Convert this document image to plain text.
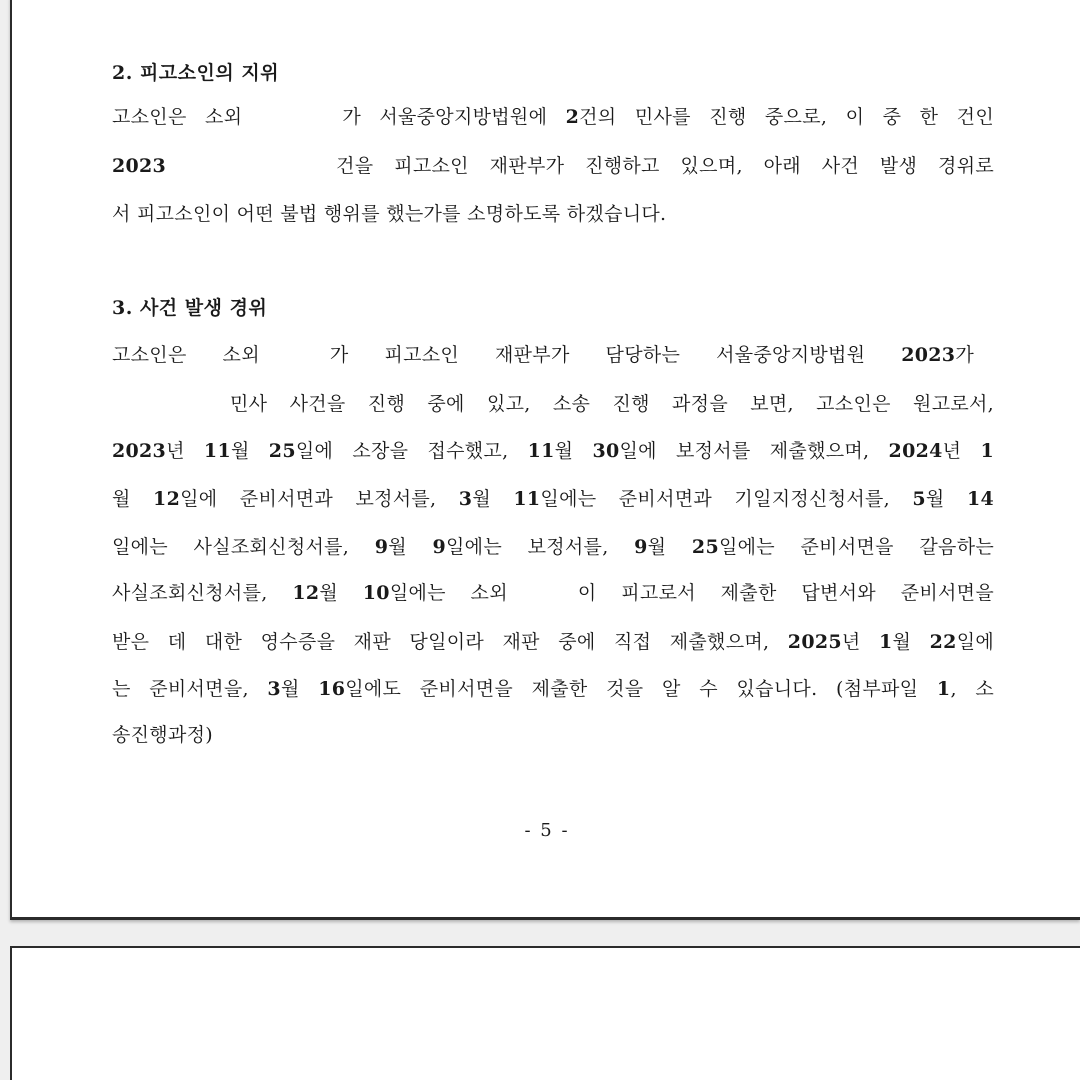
2. 피고소인의 지위
고소인은 소외	가 서울중앙지방법원에 2건의 민사를 진행 중으로, 이 중 한 건인
2023	건을 피고소인 재판부가 진행하고 있으며, 아래 사건 발생 경위로
서 피고소인이 어떤 불법 행위를 했는가를 소명하도록 하겠습니다.
3. 사건 발생 경위
고소인은 소외	가 피고소인 재판부가 담당하는 서울중앙지방법원 2023가
민사 사건을 진행 중에 있고, 소송 진행 과정을 보면, 고소인은 원고로서,
2023년 11월 25일에 소장을 접수했고, 11월 30일에 보정서를 제출했으며, 2024년 1
월 12일에 준비서면과 보정서를, 3월 11일에는 준비서면과 기일지정신청서를, 5월 14
일에는 사실조회신청서를, 9월 9일에는 보정서를, 9월 25일에는 준비서면을 갈음하는
사실조회신청서를, 12월 10일에는 소외	이 피고로서 제출한 답변서와 준비서면을
받은 데 대한 영수증을 재판 당일이라 재판 중에 직접 제출했으며, 2025년 1월 22일에
는 준비서면을, 3월 16일에도 준비서면을 제출한 것을 알 수 있습니다. (첨부파일 1, 소
송진행과정)
- 5 -
